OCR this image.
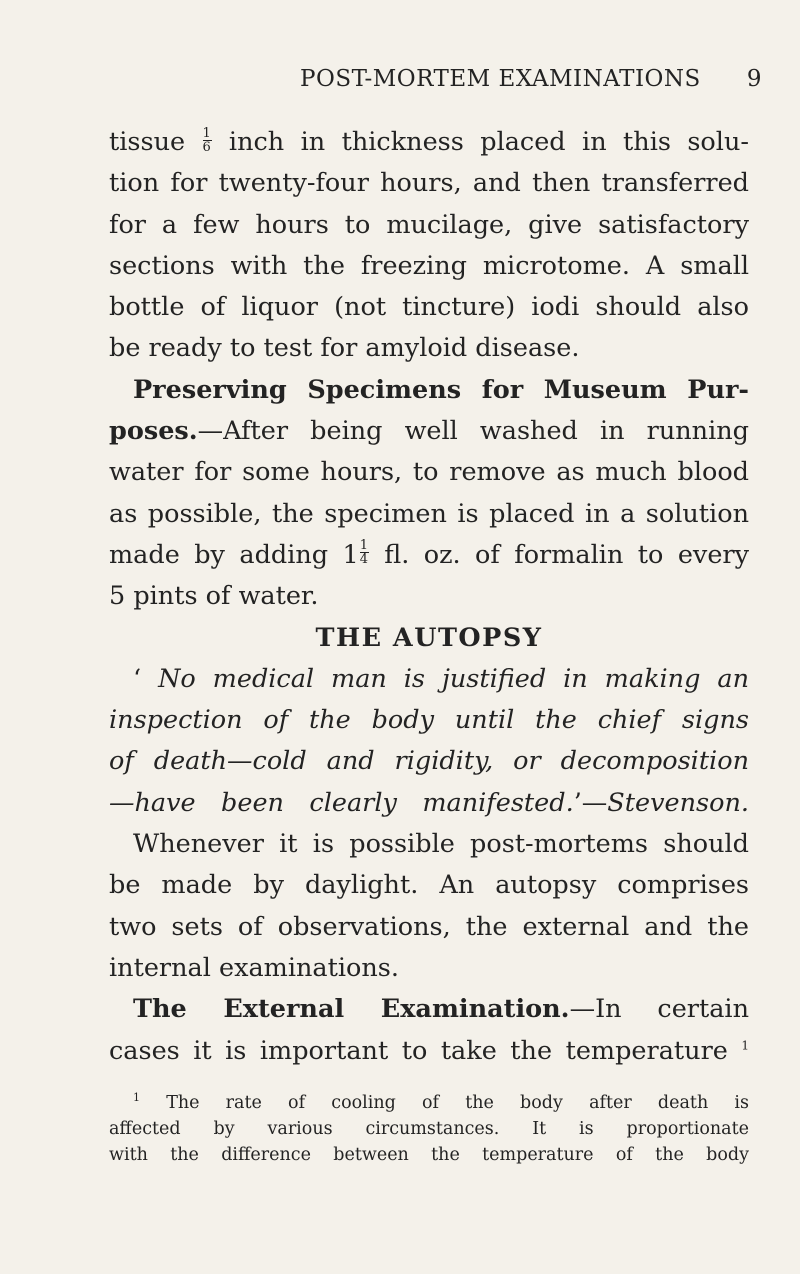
POST-MORTEM EXAMINATIONS 9

tissue $\frac{1}{6}$ inch in thickness placed in this solu-

tion for twenty-four hours, and then transferred

for a few hours to mucilage, give satisfactory

sections with the freezing microtome. A small

bottle of liquor (not tincture) iodi should also

be ready to test for amyloid disease.

Preserving Specimens for Museum Pur-

poses.—After being well washed in running

water for some hours, to remove as much blood

as possible, the specimen is placed in a solution

made by adding $1 \frac{1}{4}$ fl. oz. of formalin to every

5 pints of water.

THE AUTOPSY

‘ No medical man is justified in making an

inspection of the body until the chief signs

of death—cold and rigidity, or decomposition

—have been clearly manifested.’—Stevenson.

Whenever it is possible post-mortems should

be made by daylight. An autopsy comprises

two sets of observations, the external and the

internal examinations.

The External Examination.—In certain

cases it is important to take the temperature $^1$

$^1$ The rate of cooling of the body after death is

affected by various circumstances. It is proportionate

with the difference between the temperature of the body
